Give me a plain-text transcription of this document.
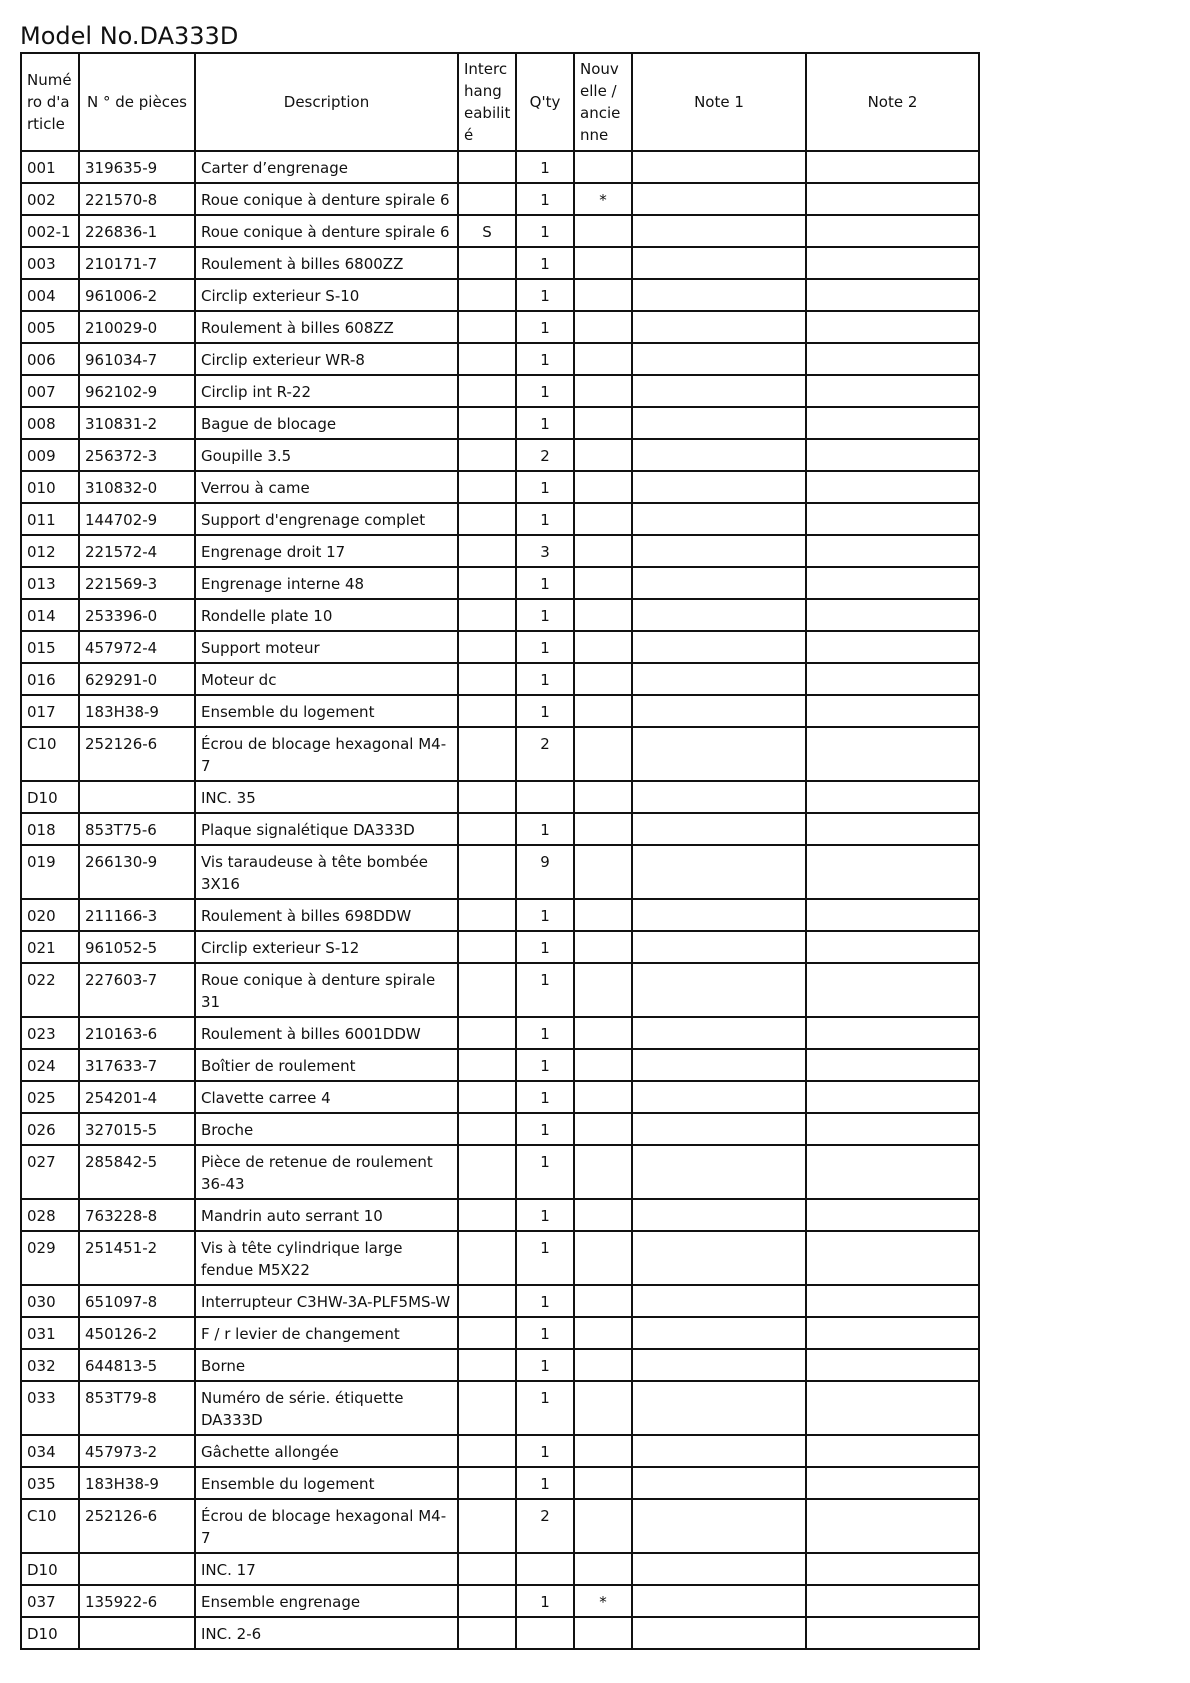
Model No.DA333D
Numé ro d'a rticle	N ° de pièces	Description	Interc hang eabilit é	Q'ty	Nouv elle / ancie nne	Note 1	Note 2
001	319635-9	Carter d’engrenage		1			
002	221570-8	Roue conique à denture spirale 6		1	*		
002-1	226836-1	Roue conique à denture spirale 6	S	1			
003	210171-7	Roulement à billes 6800ZZ		1			
004	961006-2	Circlip exterieur S-10		1			
005	210029-0	Roulement à billes 608ZZ		1			
006	961034-7	Circlip exterieur WR-8		1			
007	962102-9	Circlip int R-22		1			
008	310831-2	Bague de blocage		1			
009	256372-3	Goupille 3.5		2			
010	310832-0	Verrou à came		1			
011	144702-9	Support d'engrenage complet		1			
012	221572-4	Engrenage droit 17		3			
013	221569-3	Engrenage interne 48		1			
014	253396-0	Rondelle plate 10		1			
015	457972-4	Support moteur		1			
016	629291-0	Moteur dc		1			
017	183H38-9	Ensemble du logement		1			
C10	252126-6	Écrou de blocage hexagonal M4-7		2			
D10		INC. 35					
018	853T75-6	Plaque signalétique DA333D		1			
019	266130-9	Vis taraudeuse à tête bombée 3X16		9			
020	211166-3	Roulement à billes 698DDW		1			
021	961052-5	Circlip exterieur S-12		1			
022	227603-7	Roue conique à denture spirale 31		1			
023	210163-6	Roulement à billes 6001DDW		1			
024	317633-7	Boîtier de roulement		1			
025	254201-4	Clavette carree 4		1			
026	327015-5	Broche		1			
027	285842-5	Pièce de retenue de roulement 36-43		1			
028	763228-8	Mandrin auto serrant 10		1			
029	251451-2	Vis à tête cylindrique large fendue M5X22		1			
030	651097-8	Interrupteur C3HW-3A-PLF5MS-W		1			
031	450126-2	F / r levier de changement		1			
032	644813-5	Borne		1			
033	853T79-8	Numéro de série. étiquette DA333D		1			
034	457973-2	Gâchette allongée		1			
035	183H38-9	Ensemble du logement		1			
C10	252126-6	Écrou de blocage hexagonal M4-7		2			
D10		INC. 17					
037	135922-6	Ensemble engrenage		1	*		
D10		INC. 2-6					
